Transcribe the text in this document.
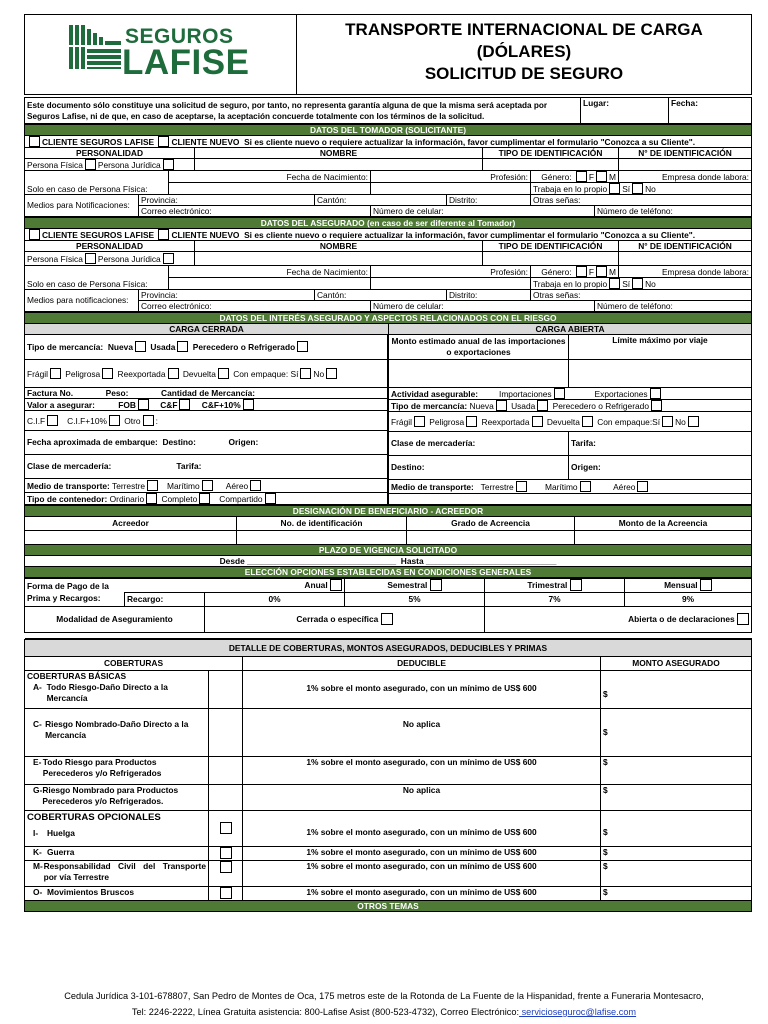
SEGUROS
LAFISE
TRANSPORTE INTERNACIONAL DE CARGA
(DÓLARES)
SOLICITUD DE SEGURO
Este documento sólo constituye una solicitud de seguro, por tanto, no representa garantía alguna de que la misma será aceptada por Seguros Lafise, ni de que, en caso de aceptarse, la aceptación concuerde totalmente con los términos de la solicitud.	Lugar:	Fecha:
DATOS DEL TOMADOR (SOLICITANTE)										
CLIENTE SEGUROS LAFISE CLIENTE NUEVO Si es cliente nuevo o requiere actualizar la información, favor cumplimentar el formulario "Conozca a su Cliente".										
PERSONALIDAD			NOMBRE				TIPO DE IDENTIFICACIÓN			N° DE IDENTIFICACIÓN
Persona Física Persona Jurídica										
Solo en caso de Persona Física:		Fecha de Nacimiento:			Profesión:			Género: F M		Empresa donde labora:
								Trabaja en lo propio Sí No		
Medios para Notificaciones:	Provincia:			Cantón:		Distrito:		Otras señas:		
	Correo electrónico:				Número de celular:				Número de teléfono:	
DATOS DEL ASEGURADO (en caso de ser diferente al Tomador)										
CLIENTE SEGUROS LAFISE CLIENTE NUEVO Si es cliente nuevo o requiere actualizar la información, favor cumplimentar el formulario "Conozca a su Cliente".										
PERSONALIDAD			NOMBRE				TIPO DE IDENTIFICACIÓN			N° DE IDENTIFICACIÓN
Persona Física Persona Jurídica										
Solo en caso de Persona Física:		Fecha de Nacimiento:			Profesión:			Género: F M		Empresa donde labora:
								Trabaja en lo propio Sí No		
Medios para notificaciones:	Provincia:			Cantón:		Distrito:		Otras señas:		
	Correo electrónico:				Número de celular:				Número de teléfono:	
DATOS DEL INTERÉS ASEGURADO Y ASPECTOS RELACIONADOS CON EL RIESGO
CARGA CERRADA	CARGA ABIERTA
Tipo de mercancía: Nueva Usada Perecedero o Refrigerado
Frágil Peligrosa Reexportada Devuelta Con empaque: Sí No
Factura No.	Peso:	Cantidad de Mercancía:
Valor a asegurar:	FOB	C&F	C&F+10%
C.I.F	C.I.F+10% Otro :
Fecha aproximada de embarque: Destino:	Origen:
Clase de mercadería:	Tarifa:
Medio de transporte: Terrestre	Marítimo	Aéreo
Tipo de contenedor: Ordinario Completo	Compartido
Monto estimado anual de las importaciones o exportaciones	Límite máximo por viaje

Actividad asegurable: Importaciones Exportaciones	
Tipo de mercancía: Nueva Usada Perecedero o Refrigerado	
Frágil Peligrosa Reexportada Devuelta Con empaque:Sí No	
Clase de mercadería:	Tarifa:
Destino:	Origen:
Medio de transporte: Terrestre Marítimo Aéreo	

DESIGNACIÓN DE BENEFICIARIO - ACREEDOR			
Acreedor	No. de identificación	Grado de Acreencia	Monto de la Acreencia

PLAZO DE VIGENCIA SOLICITADO			
Desde ________________________________ Hasta ____________________________			
ELECCIÓN OPCIONES ESTABLECIDAS EN CONDICIONES GENERALES			
Forma de Pago de la Prima y Recargos:	Anual		Semestral	Trimestral	Mensual
	Recargo:	0%	5%	7%	9%
Modalidad de Aseguramiento		Cerrada o específica		Abierta o de declaraciones	

DETALLE DE COBERTURAS, MONTOS ASEGURADOS, DEDUCIBLES Y PRIMAS			
COBERTURAS		DEDUCIBLE	MONTO ASEGURADO

COBERTURAS BÁSICAS
A- Todo Riesgo-Daño Directo a la Mercancía		1% sobre el monto asegurado, con un mínimo de US$ 600	$

C- Riesgo Nombrado-Daño Directo a la Mercancía		No aplica	$

E- Todo Riesgo para Productos Perecederos y/o Refrigerados		1% sobre el monto asegurado, con un mínimo de US$ 600	$

G- Riesgo Nombrado para Productos Perecederos y/o Refrigerados.		No aplica	$

COBERTURAS OPCIONALES
I- Huelga		1% sobre el monto asegurado, con un mínimo de US$ 600	$

K- Guerra		1% sobre el monto asegurado, con un mínimo de US$ 600	$

M- Responsabilidad Civil del Transporte por vía Terrestre		1% sobre el monto asegurado, con un mínimo de US$ 600	$

O- Movimientos Bruscos		1% sobre el monto asegurado, con un mínimo de US$ 600	$
OTROS TEMAS			
Cedula Jurídica 3-101-678807, San Pedro de Montes de Oca, 175 metros este de la Rotonda de La Fuente de la Hispanidad, frente a Funeraria Montesacro,
Tel: 2246-2222, Línea Gratuita asistencia: 800-Lafise Asist (800-523-4732), Correo Electrónico: servicioseguroc@lafise.com
